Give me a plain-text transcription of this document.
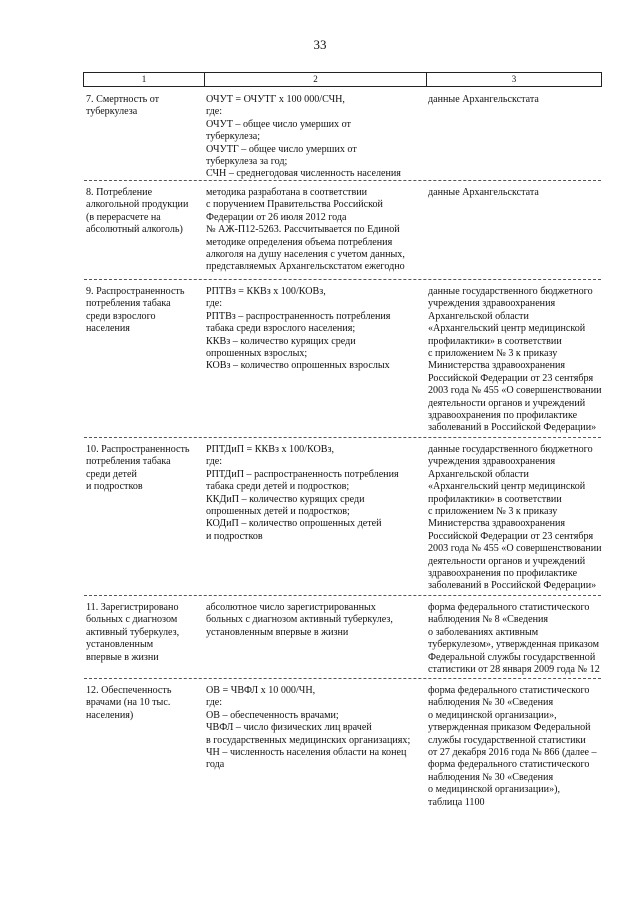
33
1	2	3
7. Смертность от
туберкулеза
ОЧУТ = ОЧУТГ х 100 000/СЧН,
где:
ОЧУТ – общее число умерших от
туберкулеза;
ОЧУТГ – общее число умерших от
туберкулеза за год;
СЧН – среднегодовая численность населения
данные Архангельскстата
8. Потребление
алкогольной продукции
(в перерасчете на
абсолютный алкоголь)
методика разработана в соответствии
с поручением Правительства Российской
Федерации от 26 июля 2012 года
№ АЖ-П12-5263. Рассчитывается по Единой
методике определения объема потребления
алкоголя на душу населения с учетом данных,
представляемых Архангельскстатом ежегодно
данные Архангельскстата
9. Распространенность
потребления табака
среди взрослого
населения
РПТВз = ККВз х 100/КОВз,
где:
РПТВз – распространенность потребления
табака среди взрослого населения;
ККВз – количество курящих среди
опрошенных взрослых;
КОВз – количество опрошенных взрослых
данные государственного бюджетного
учреждения здравоохранения
Архангельской области
«Архангельский центр медицинской
профилактики» в соответствии
с приложением № 3 к приказу
Министерства здравоохранения
Российской Федерации от 23 сентября
2003 года № 455 «О совершенствовании
деятельности органов и учреждений
здравоохранения по профилактике
заболеваний в Российской Федерации»
10. Распространенность
потребления табака
среди детей
и подростков
РПТДиП = ККВз х 100/КОВз,
где:
РПТДиП – распространенность потребления
табака среди детей и подростков;
ККДиП – количество курящих среди
опрошенных детей и подростков;
КОДиП – количество опрошенных детей
и подростков
данные государственного бюджетного
учреждения здравоохранения
Архангельской области
«Архангельский центр медицинской
профилактики» в соответствии
с приложением № 3 к приказу
Министерства здравоохранения
Российской Федерации от 23 сентября
2003 года № 455 «О совершенствовании
деятельности органов и учреждений
здравоохранения по профилактике
заболеваний в Российской Федерации»
11. Зарегистрировано
больных с диагнозом
активный туберкулез,
установленным
впервые в жизни
абсолютное число зарегистрированных
больных с диагнозом активный туберкулез,
установленным впервые в жизни
форма федерального статистического
наблюдения № 8 «Сведения
о заболеваниях активным
туберкулезом», утвержденная приказом
Федеральной службы государственной
статистики от 28 января 2009 года № 12
12. Обеспеченность
врачами (на 10 тыс.
населения)
ОВ = ЧВФЛ х 10 000/ЧН,
где:
ОВ – обеспеченность врачами;
ЧВФЛ – число физических лиц врачей
в государственных медицинских организациях;
ЧН – численность населения области на конец
года
форма федерального статистического
наблюдения № 30 «Сведения
о медицинской организации»,
утвержденная приказом Федеральной
службы государственной статистики
от 27 декабря 2016 года № 866 (далее –
форма федерального статистического
наблюдения № 30 «Сведения
о медицинской организации»),
таблица 1100
